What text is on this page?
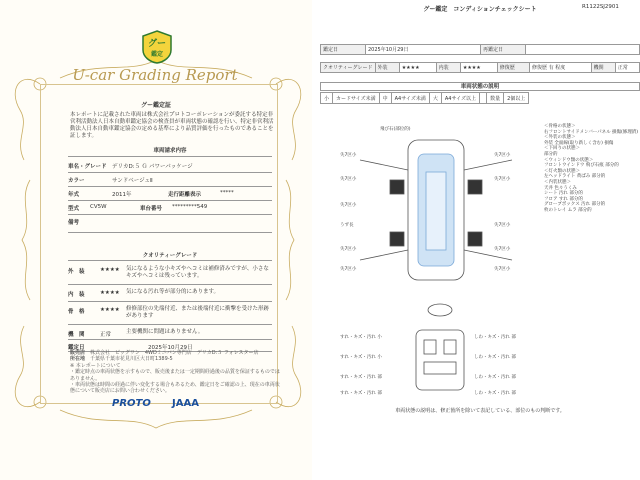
グー
鑑定
U-car Grading Report
グー鑑定証
本レポートに記載された車両は株式会社プロトコーポレーションが委託する特定非営利活動法人日本自動車鑑定協会の検査員が車両状態の確認を行い、特定非営利活動法人日本自動車鑑定協会の定める基準により品質評価を行ったものであることを証します。
車両請求内容
車名・グレード デリカD:５ Ｇ パワーパッケージ
カラー	サンドベージュⅡ
年式	2011年	走行距離表示	*****
型式 CV5W	車台番号 *********549
備考
クオリティーグレード
外　装	★★★★ 気になるような小キズやヘコミは補修済みですが、小さなキズやヘコミは残っています。
内　装	★★★★ 気になる汚れ等が部分的にあります。
骨　格	★★★★ 修修部位の先端付近、または後端付近に衝撃を受けた形跡があります
機　関	正常	主要機関に問題はありません。
鑑定日	2025年10月29日
販売店　 株式会社　ビッグワン　4WDミニバン専門店　デリカD:５ フォレスター店
所在地　 千葉県千葉市花見川区大日町1389-5
※ 本レポートについて
・鑑定時点の車両状態を示すもので、販売後または一定期間経過後の品質を保証するものではありません。
・車両状態は時間の経過に伴い変化する場合もあるため、鑑定日をご確認の上、現在の車両状態について販売店にお問い合わせください。
PROTO JAAA
グー鑑定　コンディションチェックシート	R1122SJ2901
鑑定日	2025年10月29日	再鑑定日	
クオリティーグレード	外装	★★★★	内装	★★★★	修復歴	修復歴 有 程度	機関	正常
車両状態の説明
小	カードサイズ未満	中	A4サイズ未満	大	A4サイズ以上		数量	2個以上
飛び石(部位的)
失7区小	失7区小
失7区小	失7区小
失7区小
うず長	失7区小
失7区小	失7区小
失7区小	失7区小
すれ・キズ・汚れ 小	しわ・キズ・汚れ 部
すれ・キズ・汚れ 小	しわ・キズ・汚れ 部
すれ・キズ・汚れ 部	しわ・キズ・汚れ 部
すれ・キズ・汚れ 部	しわ・キズ・汚れ 部
＜骨格の状態＞
右フロントサイドメンバーパネル 損傷(修理済)
＜外装の状態＞
外装 全面線(取り新しく含む) 損傷
＜下回りの状態＞
部分的
＜ウィンドウ類の状態＞
フロントウインドウ 飛び石痕 部分的
＜灯火類の状態＞
左ヘッドライト 黄ばみ 部分的
＜内装状態＞
天井 色々うくみ
シート 汚れ 部分的
フロア すれ 部分的
グローブボックス 汚れ 部分的
枚のトレイ ムラ 部分的
車両状態の説明は、修正箇所を除いて表記している、部位のもの判断です。
